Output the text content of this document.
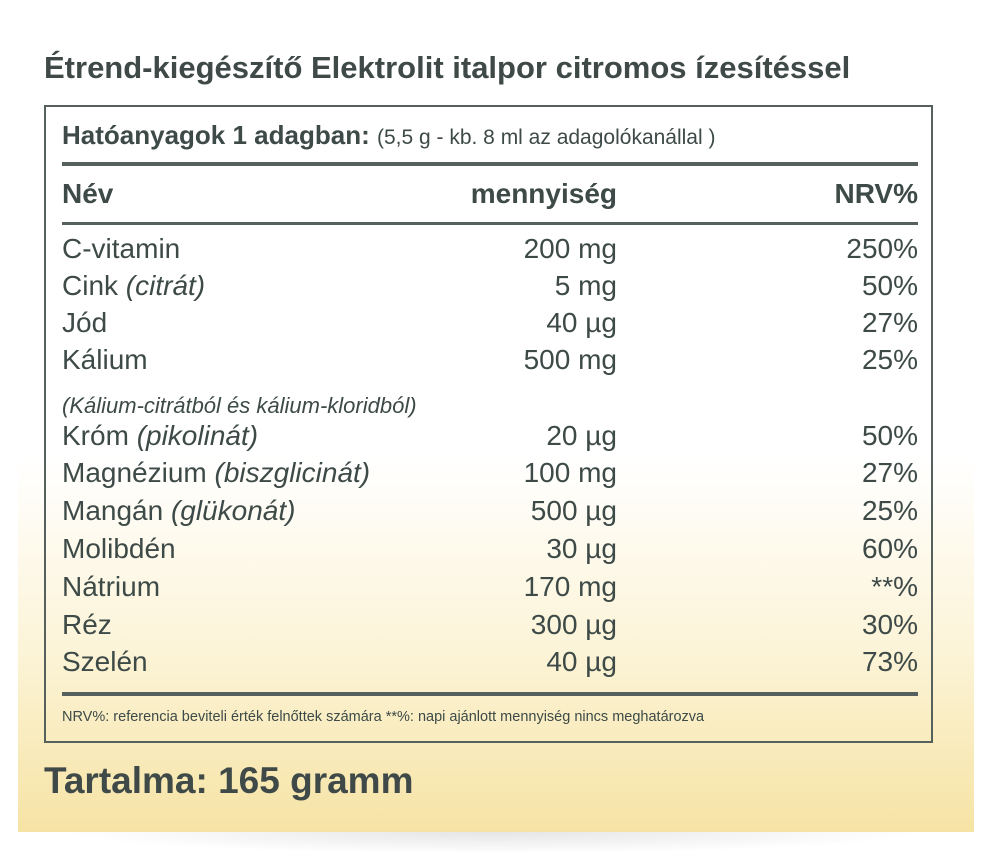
Étrend-kiegészítő Elektrolit italpor citromos ízesítéssel
Hatóanyagok 1 adagban: (5,5 g - kb. 8 ml az adagolókanállal )
Név	mennyiség	NRV%
C-vitamin	200 mg	250%
Cink (citrát)	5 mg	50%
Jód	40 µg	27%
Kálium	500 mg	25%
(Kálium-citrátból és kálium-kloridból)
Króm (pikolinát)	20 µg	50%
Magnézium (biszglicinát)	100 mg	27%
Mangán (glükonát)	500 µg	25%
Molibdén	30 µg	60%
Nátrium	170 mg	**%
Réz	300 µg	30%
Szelén	40 µg	73%
NRV%: referencia beviteli érték felnőttek számára **%: napi ajánlott mennyiség nincs meghatározva
Tartalma: 165 gramm
